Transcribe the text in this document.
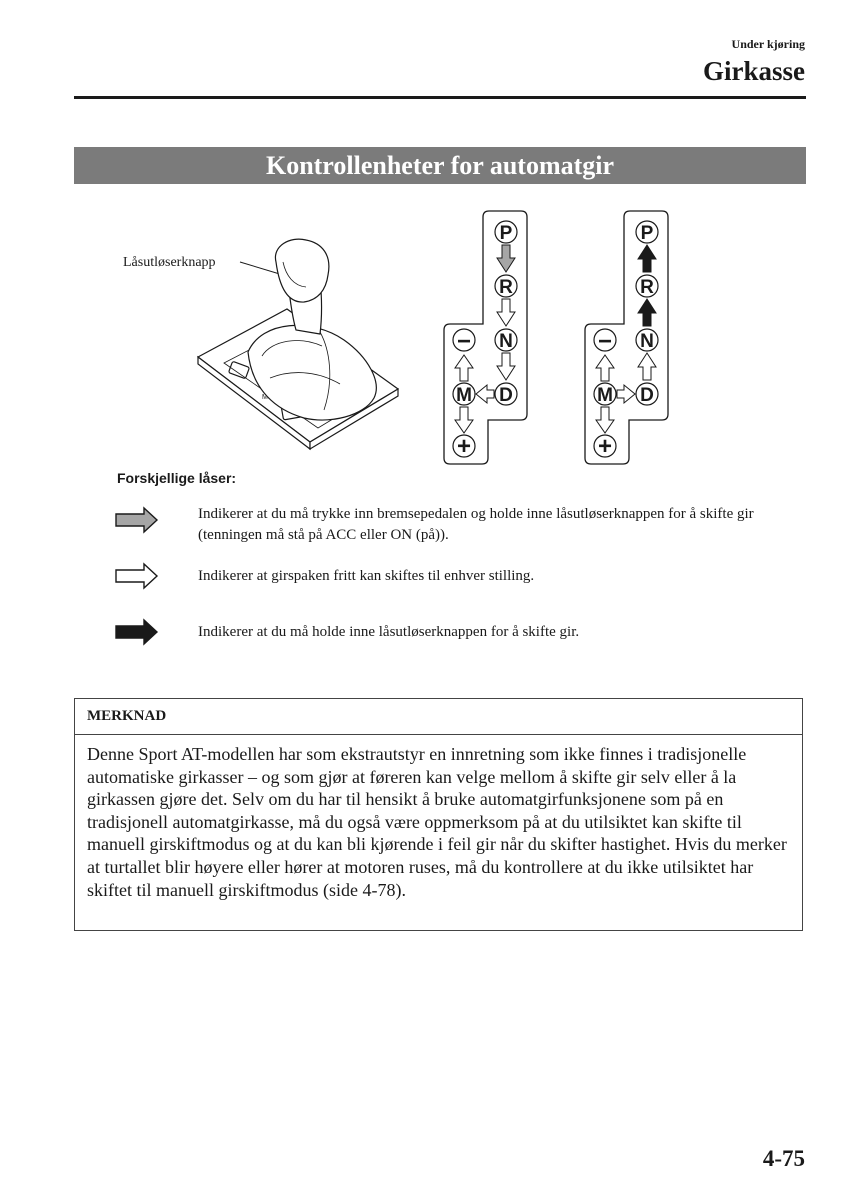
Under kjøring
Girkasse
Kontrollenheter for automatgir
Låsutløserknapp
M
P
R
N
D
M
−
+
P
R
N
D
M
−
+
Forskjellige låser:
Indikerer at du må trykke inn bremsepedalen og holde inne låsutløserknappen for å skifte gir (tenningen må stå på ACC eller ON (på)).
Indikerer at girspaken fritt kan skiftes til enhver stilling.
Indikerer at du må holde inne låsutløserknappen for å skifte gir.
MERKNAD
Denne Sport AT-modellen har som ekstrautstyr en innretning som ikke finnes i tradisjonelle automatiske girkasser – og som gjør at føreren kan velge mellom å skifte gir selv eller å la girkassen gjøre det. Selv om du har til hensikt å bruke automatgirfunksjonene som på en tradisjonell automatgirkasse, må du også være oppmerksom på at du utilsiktet kan skifte til manuell girskiftmodus og at du kan bli kjørende i feil gir når du skifter hastighet. Hvis du merker at turtallet blir høyere eller hører at motoren ruses, må du kontrollere at du ikke utilsiktet har skiftet til manuell girskiftmodus (side 4-78).
4-75
